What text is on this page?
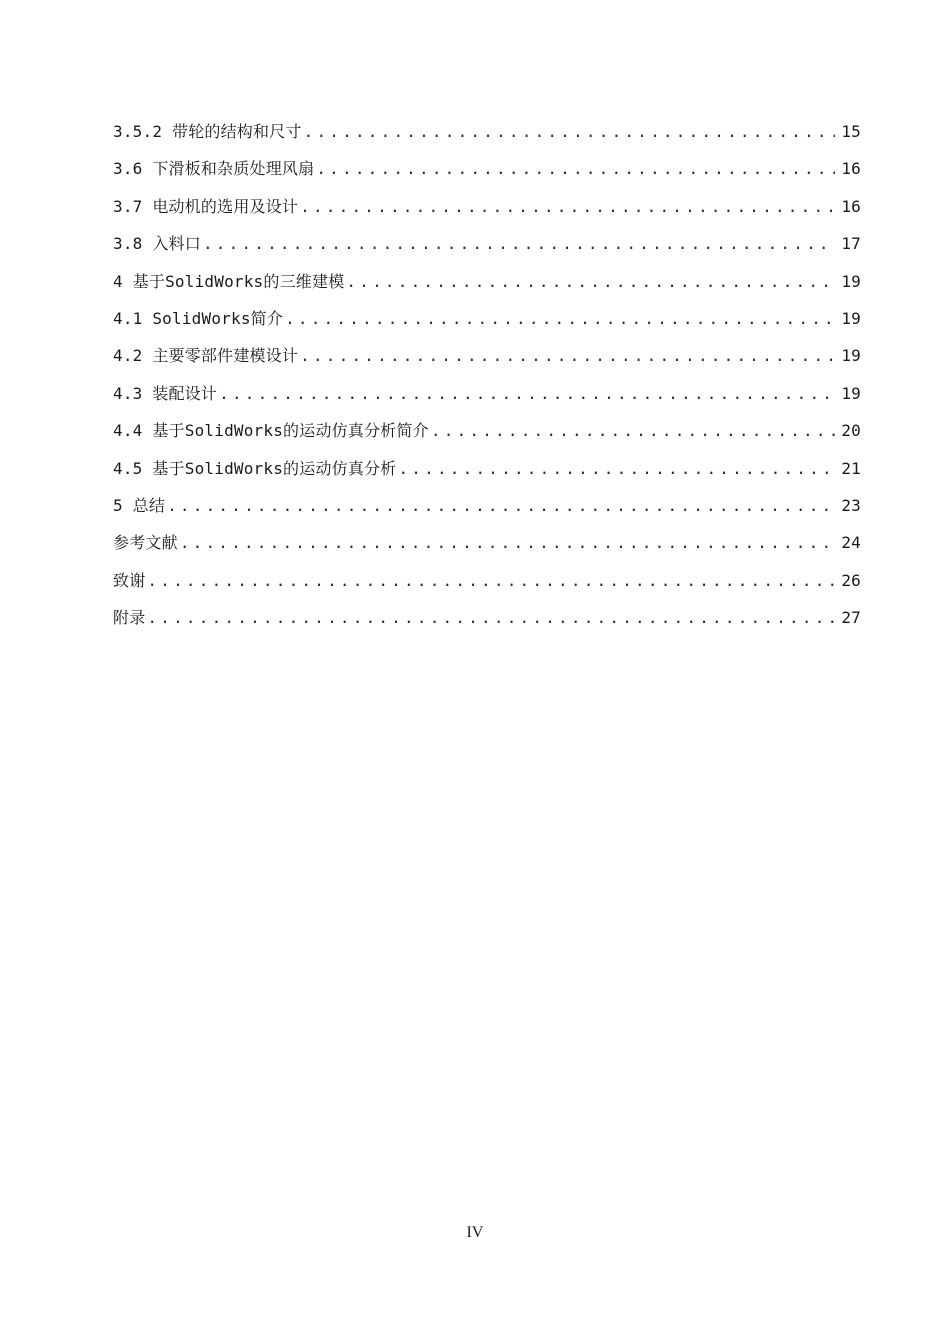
3.5.2 带轮的结构和尺寸 .....	15
3.6 下滑板和杂质处理风扇 .....	16
3.7 电动机的选用及设计 .....	16
3.8 入料口 .....	17
4 基于SolidWorks的三维建模 .....	19
4.1 SolidWorks简介 .....	19
4.2 主要零部件建模设计 .....	19
4.3 装配设计 .....	19
4.4 基于SolidWorks的运动仿真分析简介 .....	20
4.5 基于SolidWorks的运动仿真分析 .....	21
5 总结 .....	23
参考文献 .....	24
致谢 .....	26
附录 .....	27
IV
